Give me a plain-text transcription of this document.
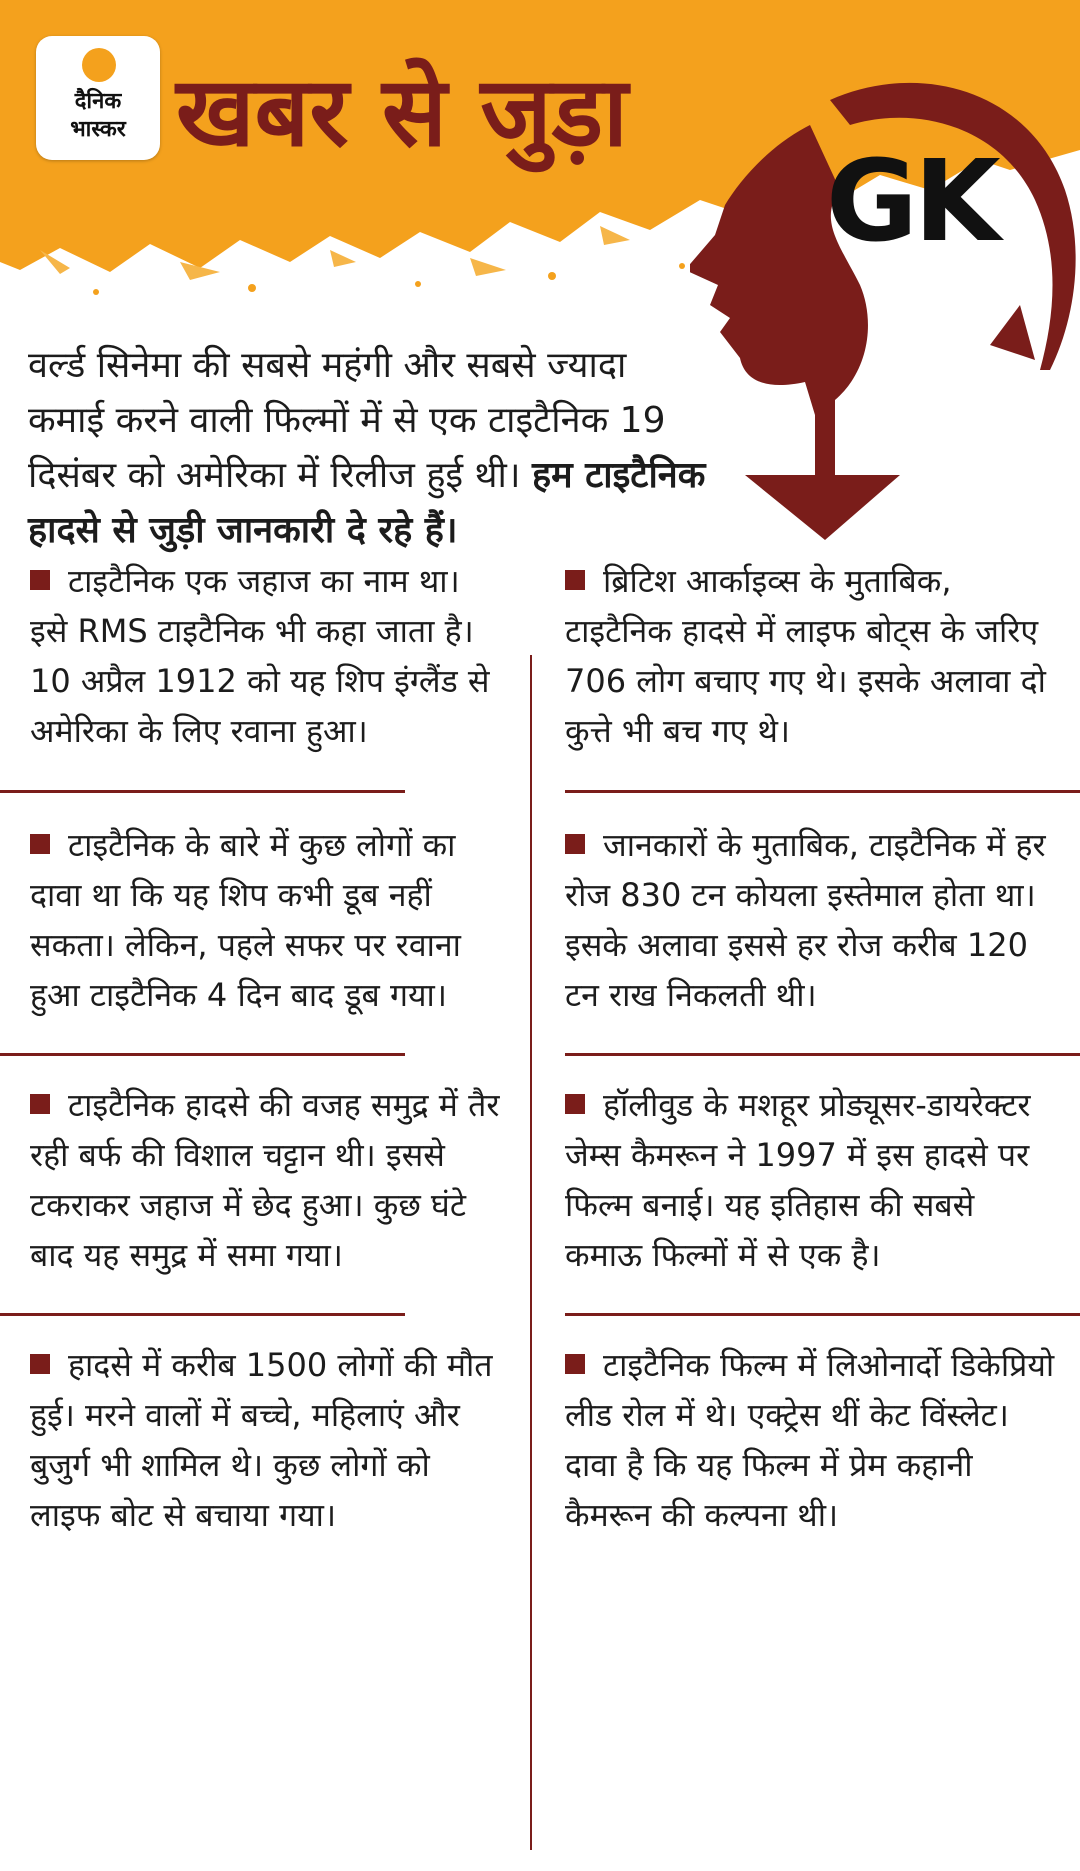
दैनिक
भास्कर खबर से जुड़ा
GK

वर्ल्ड सिनेमा की सबसे महंगी और सबसे ज्यादा कमाई करने वाली फिल्मों में से एक टाइटैनिक 19 दिसंबर को अमेरिका में रिलीज हुई थी। हम टाइटैनिक हादसे से जुड़ी जानकारी दे रहे हैं।

टाइटैनिक एक जहाज का नाम था। इसे RMS टाइटैनिक भी कहा जाता है। 10 अप्रैल 1912 को यह शिप इंग्लैंड से अमेरिका के लिए रवाना हुआ।

टाइटैनिक के बारे में कुछ लोगों का दावा था कि यह शिप कभी डूब नहीं सकता। लेकिन, पहले सफर पर रवाना हुआ टाइटैनिक 4 दिन बाद डूब गया।

टाइटैनिक हादसे की वजह समुद्र में तैर रही बर्फ की विशाल चट्टान थी। इससे टकराकर जहाज में छेद हुआ। कुछ घंटे बाद यह समुद्र में समा गया।

हादसे में करीब 1500 लोगों की मौत हुई। मरने वालों में बच्चे, महिलाएं और बुजुर्ग भी शामिल थे। कुछ लोगों को लाइफ बोट से बचाया गया।

ब्रिटिश आर्काइव्स के मुताबिक, टाइटैनिक हादसे में लाइफ बोट्स के जरिए 706 लोग बचाए गए थे। इसके अलावा दो कुत्ते भी बच गए थे।

जानकारों के मुताबिक, टाइटैनिक में हर रोज 830 टन कोयला इस्तेमाल होता था। इसके अलावा इससे हर रोज करीब 120 टन राख निकलती थी।

हॉलीवुड के मशहूर प्रोड्यूसर-डायरेक्टर जेम्स कैमरून ने 1997 में इस हादसे पर फिल्म बनाई। यह इतिहास की सबसे कमाऊ फिल्मों में से एक है।

टाइटैनिक फिल्म में लिओनार्दो डिकेप्रियो लीड रोल में थे। एक्ट्रेस थीं केट विंस्लेट। दावा है कि यह फिल्म में प्रेम कहानी कैमरून की कल्पना थी।
